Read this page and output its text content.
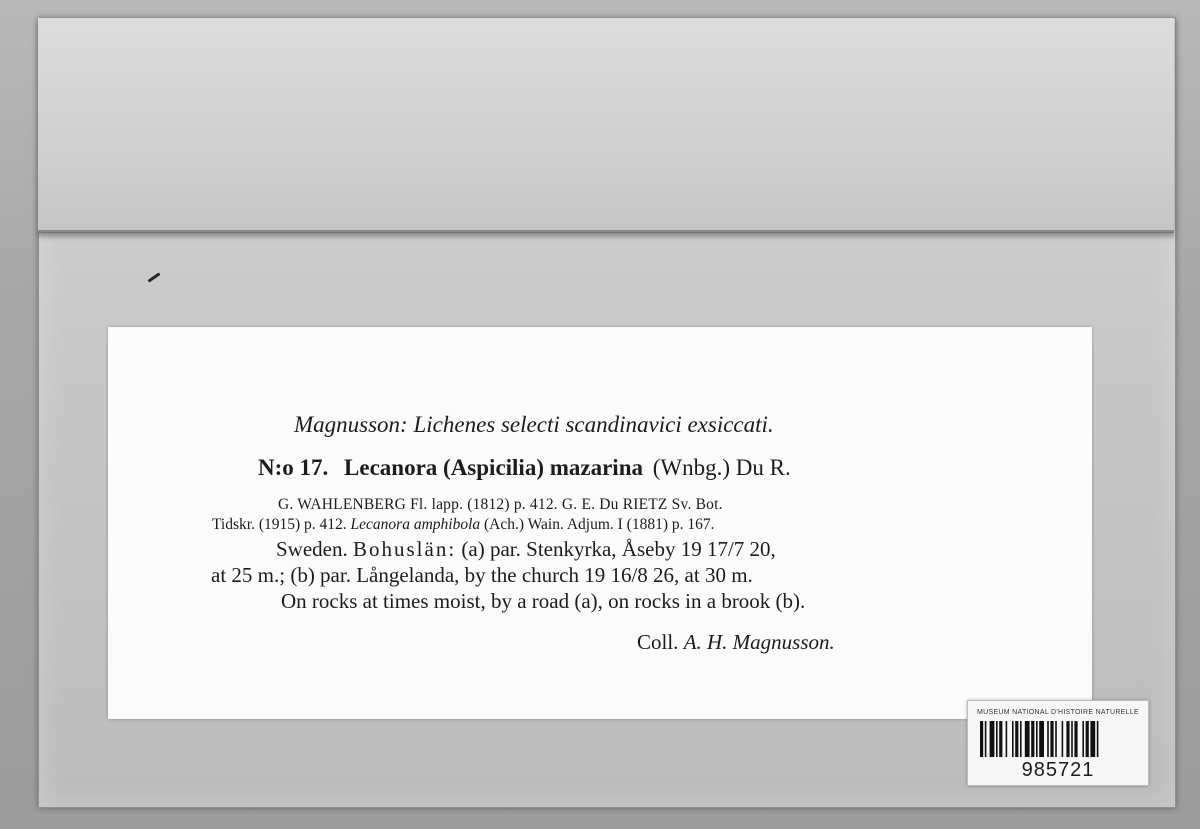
Magnusson: Lichenes selecti scandinavici exsiccati.
N:o 17. Lecanora (Aspicilia) mazarina (Wnbg.) Du R.
G. WAHLENBERG Fl. lapp. (1812) p. 412. G. E. Du RIETZ Sv. Bot.
Tidskr. (1915) p. 412. Lecanora amphibola (Ach.) Wain. Adjum. I (1881) p. 167.
Sweden. Bohuslän: (a) par. Stenkyrka, Åseby 19 17/7 20,
at 25 m.; (b) par. Långelanda, by the church 19 16/8 26, at 30 m.
On rocks at times moist, by a road (a), on rocks in a brook (b).
Coll. A. H. Magnusson.
MUSEUM NATIONAL D'HISTOIRE NATURELLE
985721
